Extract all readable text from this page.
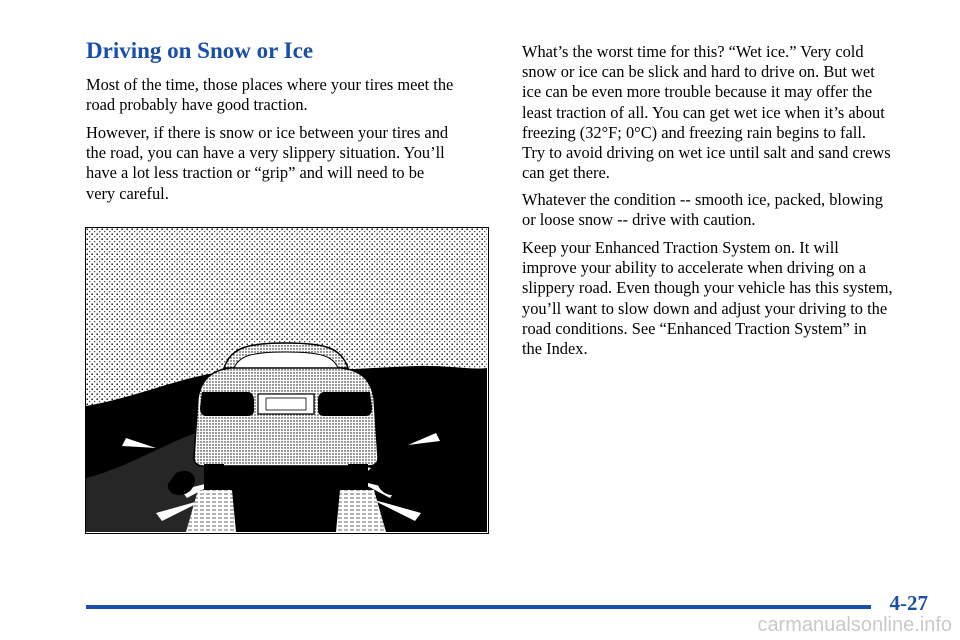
Driving on Snow or Ice

Most of the time, those places where your tires meet the
road probably have good traction.

However, if there is snow or ice between your tires and
the road, you can have a very slippery situation. You’ll
have a lot less traction or “grip” and will need to be
very careful.

What’s the worst time for this? “Wet ice.” Very cold
snow or ice can be slick and hard to drive on. But wet
ice can be even more trouble because it may offer the
least traction of all. You can get wet ice when it’s about
freezing (32°F; 0°C) and freezing rain begins to fall.
Try to avoid driving on wet ice until salt and sand crews
can get there.

Whatever the condition -- smooth ice, packed, blowing
or loose snow -- drive with caution.

Keep your Enhanced Traction System on. It will
improve your ability to accelerate when driving on a
slippery road. Even though your vehicle has this system,
you’ll want to slow down and adjust your driving to the
road conditions. See “Enhanced Traction System” in
the Index.

4-27
carmanualsonline.info
